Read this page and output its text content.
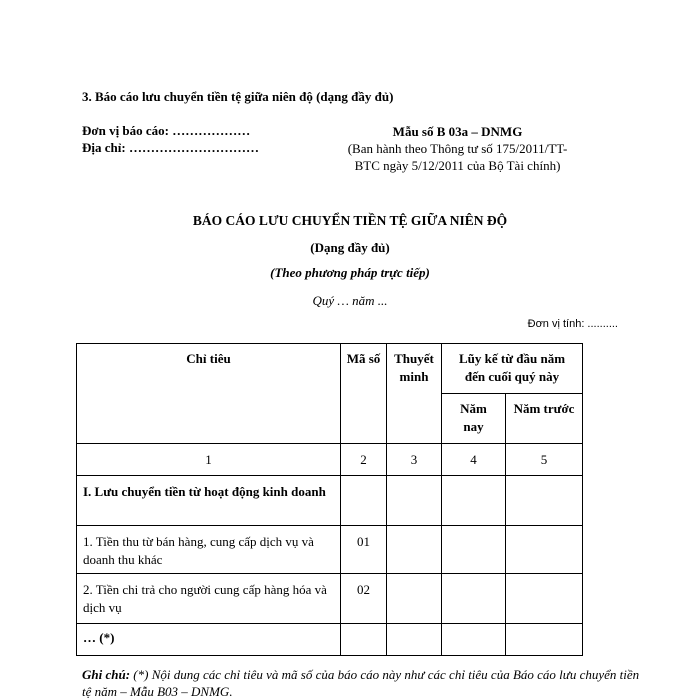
3. Báo cáo lưu chuyển tiền tệ giữa niên độ (dạng đầy đủ)
Đơn vị báo cáo: ………………
Địa chỉ: …………………………
Mẫu số B 03a – DNMG
(Ban hành theo Thông tư số 175/2011/TT-
BTC ngày 5/12/2011 của Bộ Tài chính)
BÁO CÁO LƯU CHUYỂN TIỀN TỆ GIỮA NIÊN ĐỘ
(Dạng đầy đủ)
(Theo phương pháp trực tiếp)
Quý … năm ...
Đơn vị tính: ..........
Chỉ tiêu	Mã số	Thuyết minh	Lũy kế từ đầu năm đến cuối quý này	
			Năm nay	Năm trước
1	2	3	4	5
I. Lưu chuyển tiền từ hoạt động kinh doanh				
1. Tiền thu từ bán hàng, cung cấp dịch vụ và doanh thu khác	01			
2. Tiền chi trả cho người cung cấp hàng hóa và dịch vụ	02			
… (*)				
Ghi chú: (*) Nội dung các chỉ tiêu và mã số của báo cáo này như các chỉ tiêu của Báo cáo lưu chuyển tiền tệ năm – Mẫu B03 – DNMG.
